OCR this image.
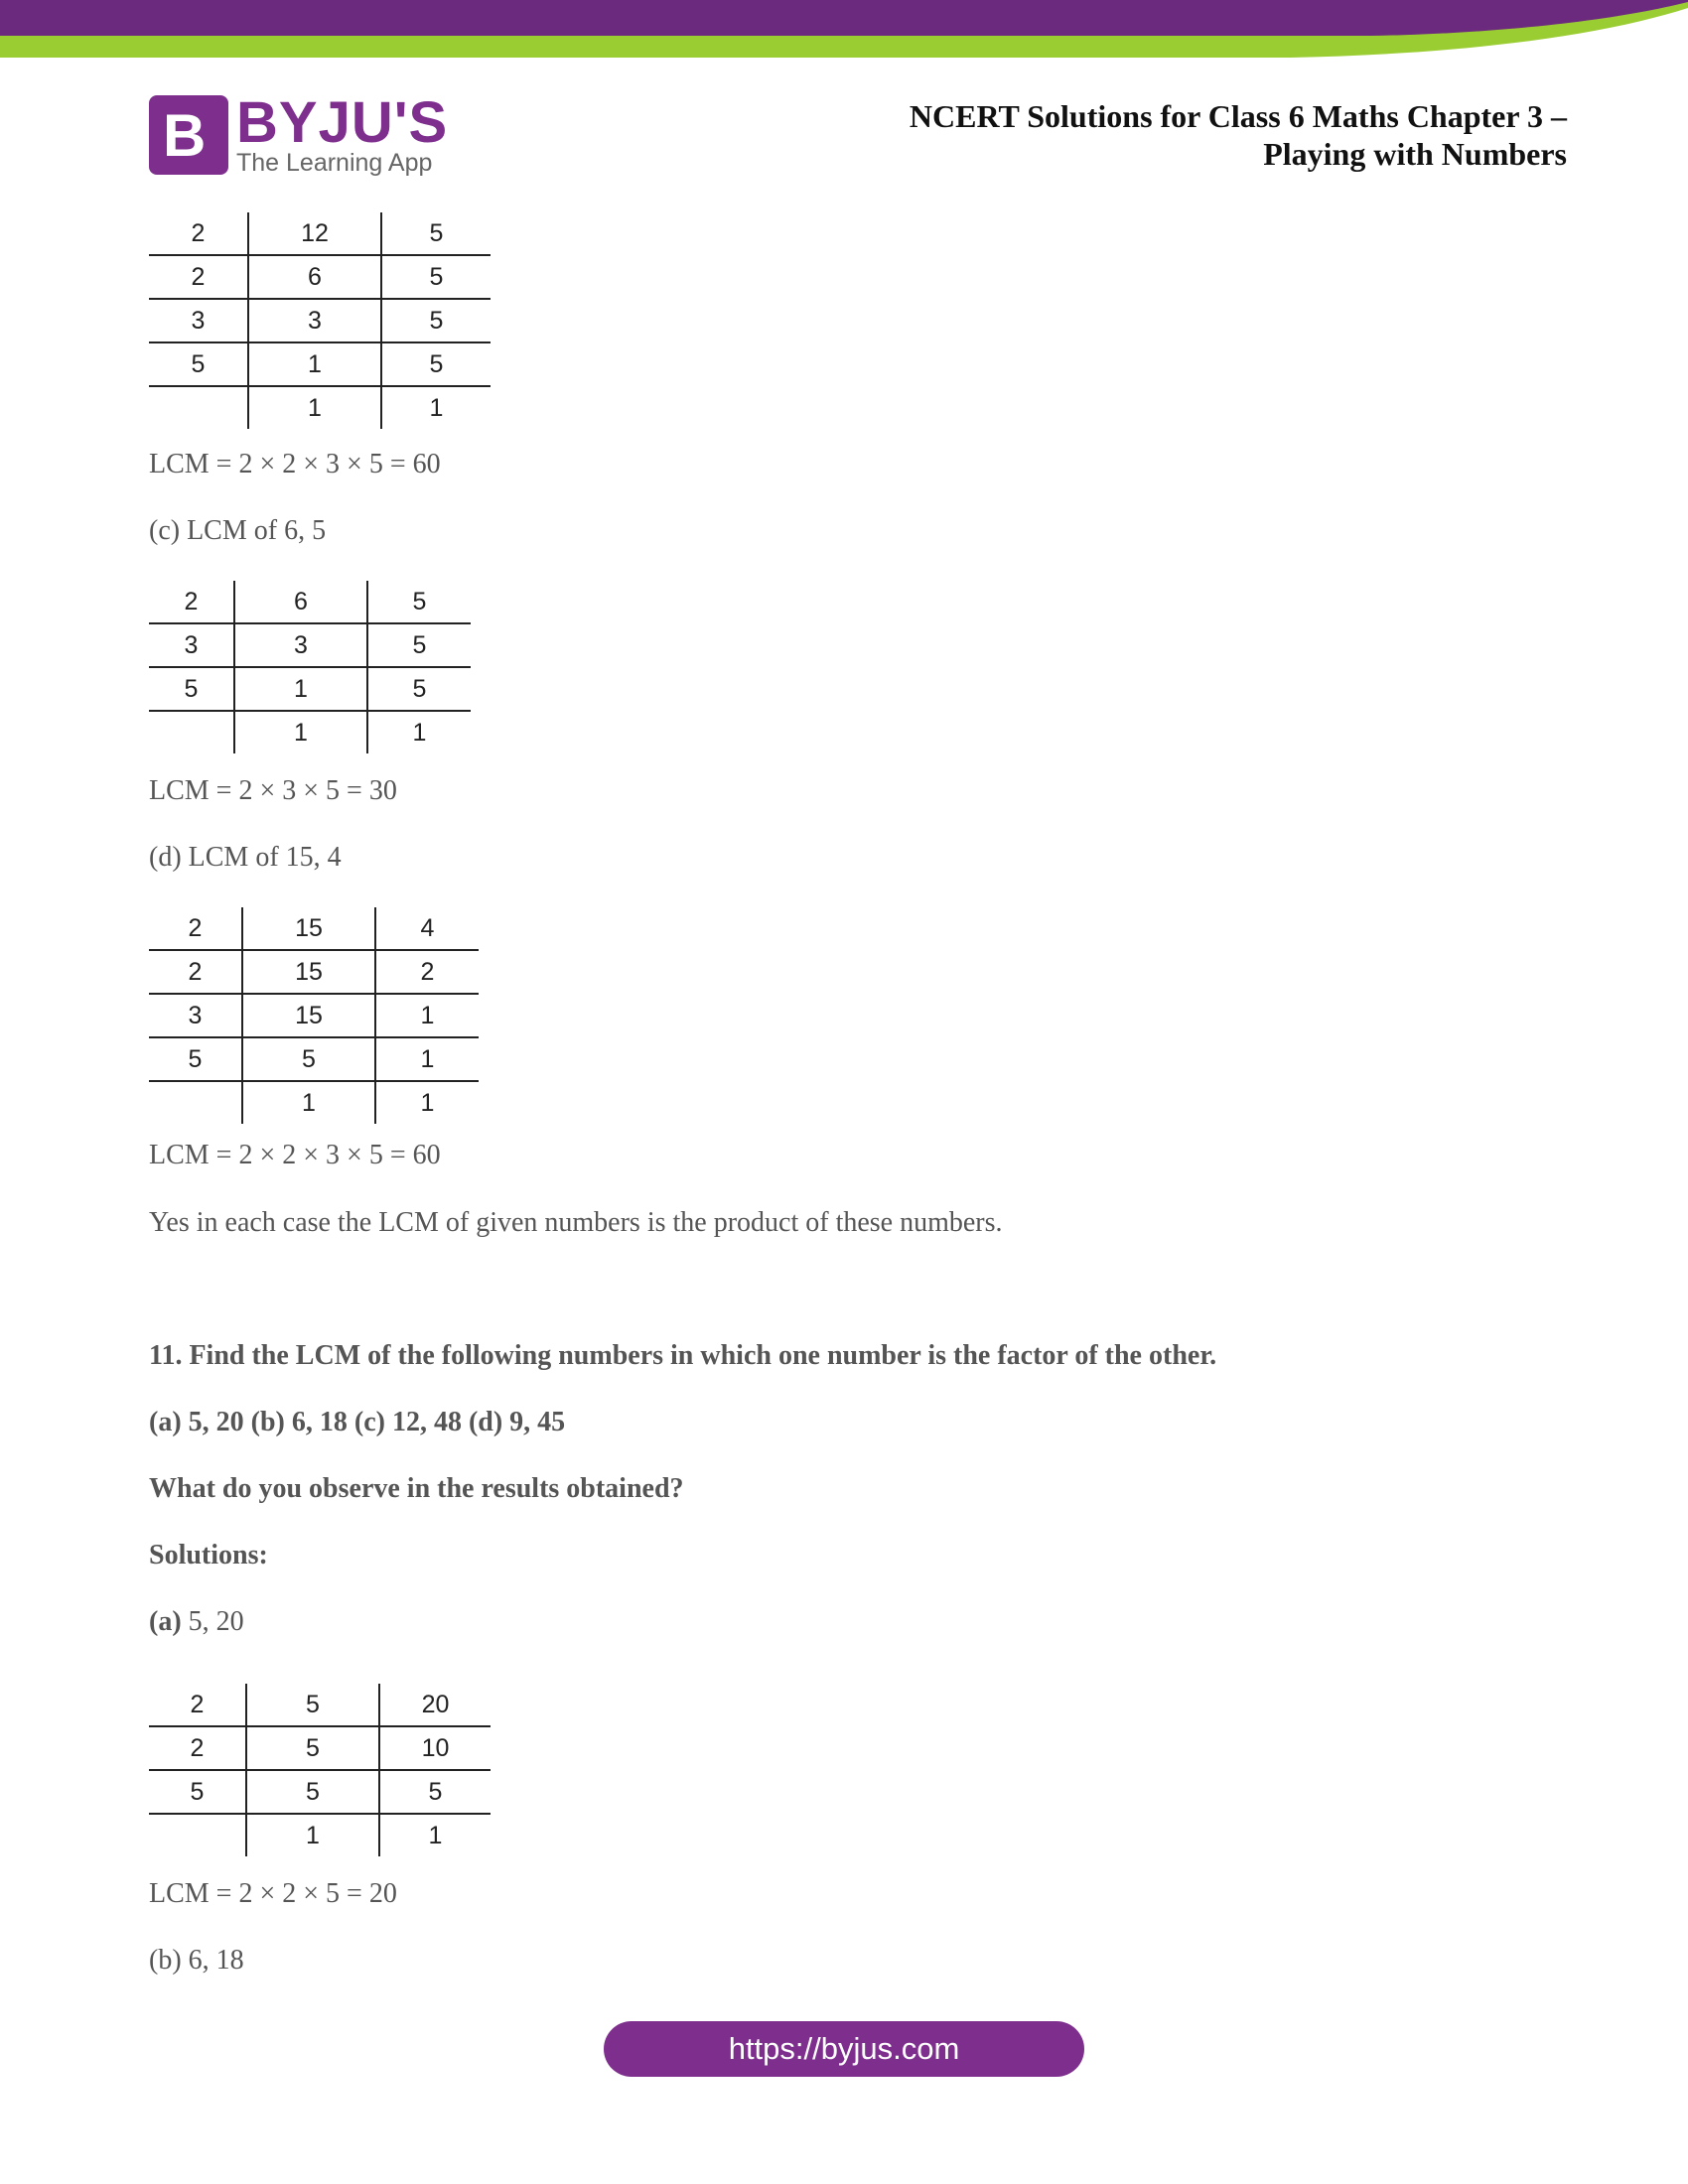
B BYJU'S
The Learning App
NCERT Solutions for Class 6 Maths Chapter 3 –
Playing with Numbers
2	12	5
2	6	5
3	3	5
5	1	5
	1	1
LCM = 2 × 2 × 3 × 5 = 60
(c) LCM of 6, 5
2	6	5
3	3	5
5	1	5
	1	1
LCM = 2 × 3 × 5 = 30
(d) LCM of 15, 4
2	15	4
2	15	2
3	15	1
5	5	1
	1	1
LCM = 2 × 2 × 3 × 5 = 60
Yes in each case the LCM of given numbers is the product of these numbers.
11. Find the LCM of the following numbers in which one number is the factor of the other.
(a) 5, 20 (b) 6, 18 (c) 12, 48 (d) 9, 45
What do you observe in the results obtained?
Solutions:
(a) 5, 20
2	5	20
2	5	10
5	5	5
	1	1
LCM = 2 × 2 × 5 = 20
(b) 6, 18
https://byjus.com
